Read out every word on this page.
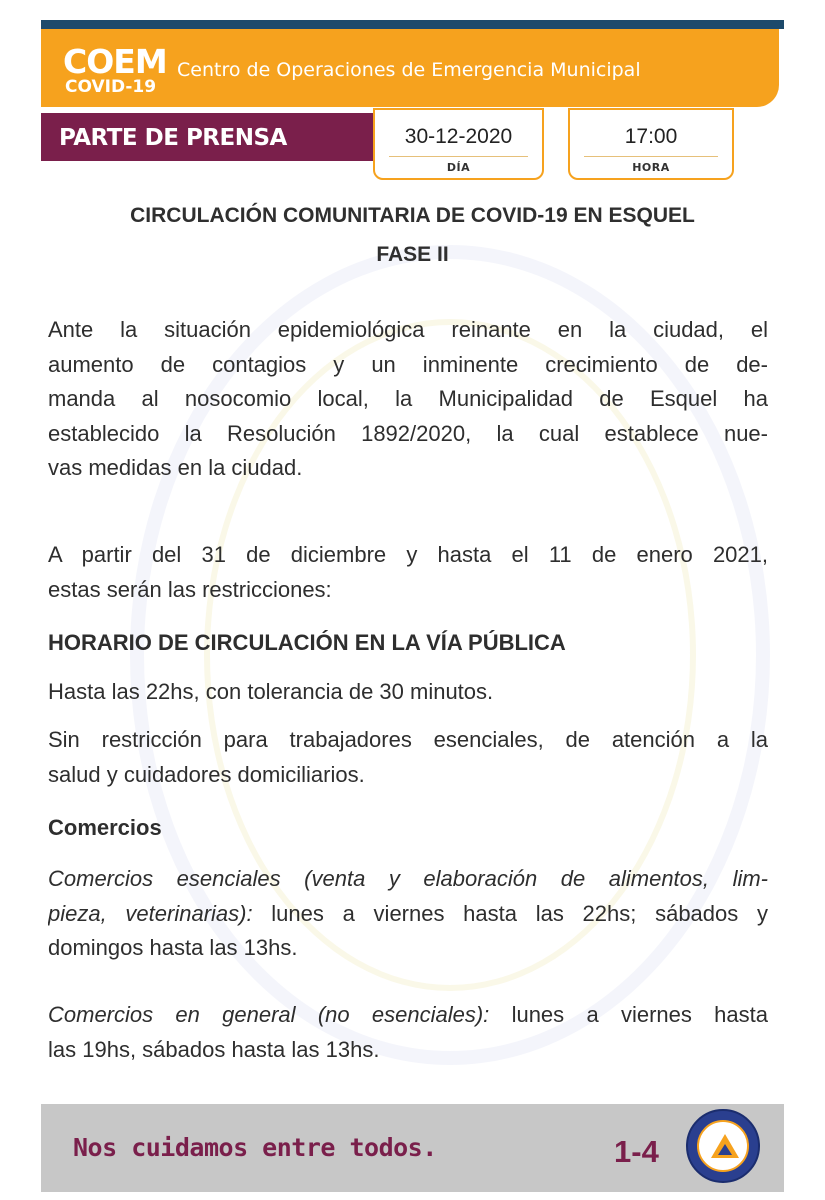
COEM
COVID-19
Centro de Operaciones de Emergencia Municipal
PARTE DE PRENSA	30-12-2020
DÍA
17:00
HORA
CIRCULACIÓN COMUNITARIA DE COVID-19 EN ESQUEL
FASE II
Ante la situación epidemiológica reinante en la ciudad, el
aumento de contagios y un inminente crecimiento de de-
manda al nosocomio local, la Municipalidad de Esquel ha
establecido la Resolución 1892/2020, la cual establece nue-
vas medidas en la ciudad.
A partir del 31 de diciembre y hasta el 11 de enero 2021,
estas serán las restricciones:
HORARIO DE CIRCULACIÓN EN LA VÍA PÚBLICA
Hasta las 22hs, con tolerancia de 30 minutos.
Sin restricción para trabajadores esenciales, de atención a la
salud y cuidadores domiciliarios.
Comercios
Comercios esenciales (venta y elaboración de alimentos, lim-
pieza, veterinarias): lunes a viernes hasta las 22hs; sábados y
domingos hasta las 13hs.
Comercios en general (no esenciales): lunes a viernes hasta
las 19hs, sábados hasta las 13hs.
Nos cuidamos entre todos.	1-4
